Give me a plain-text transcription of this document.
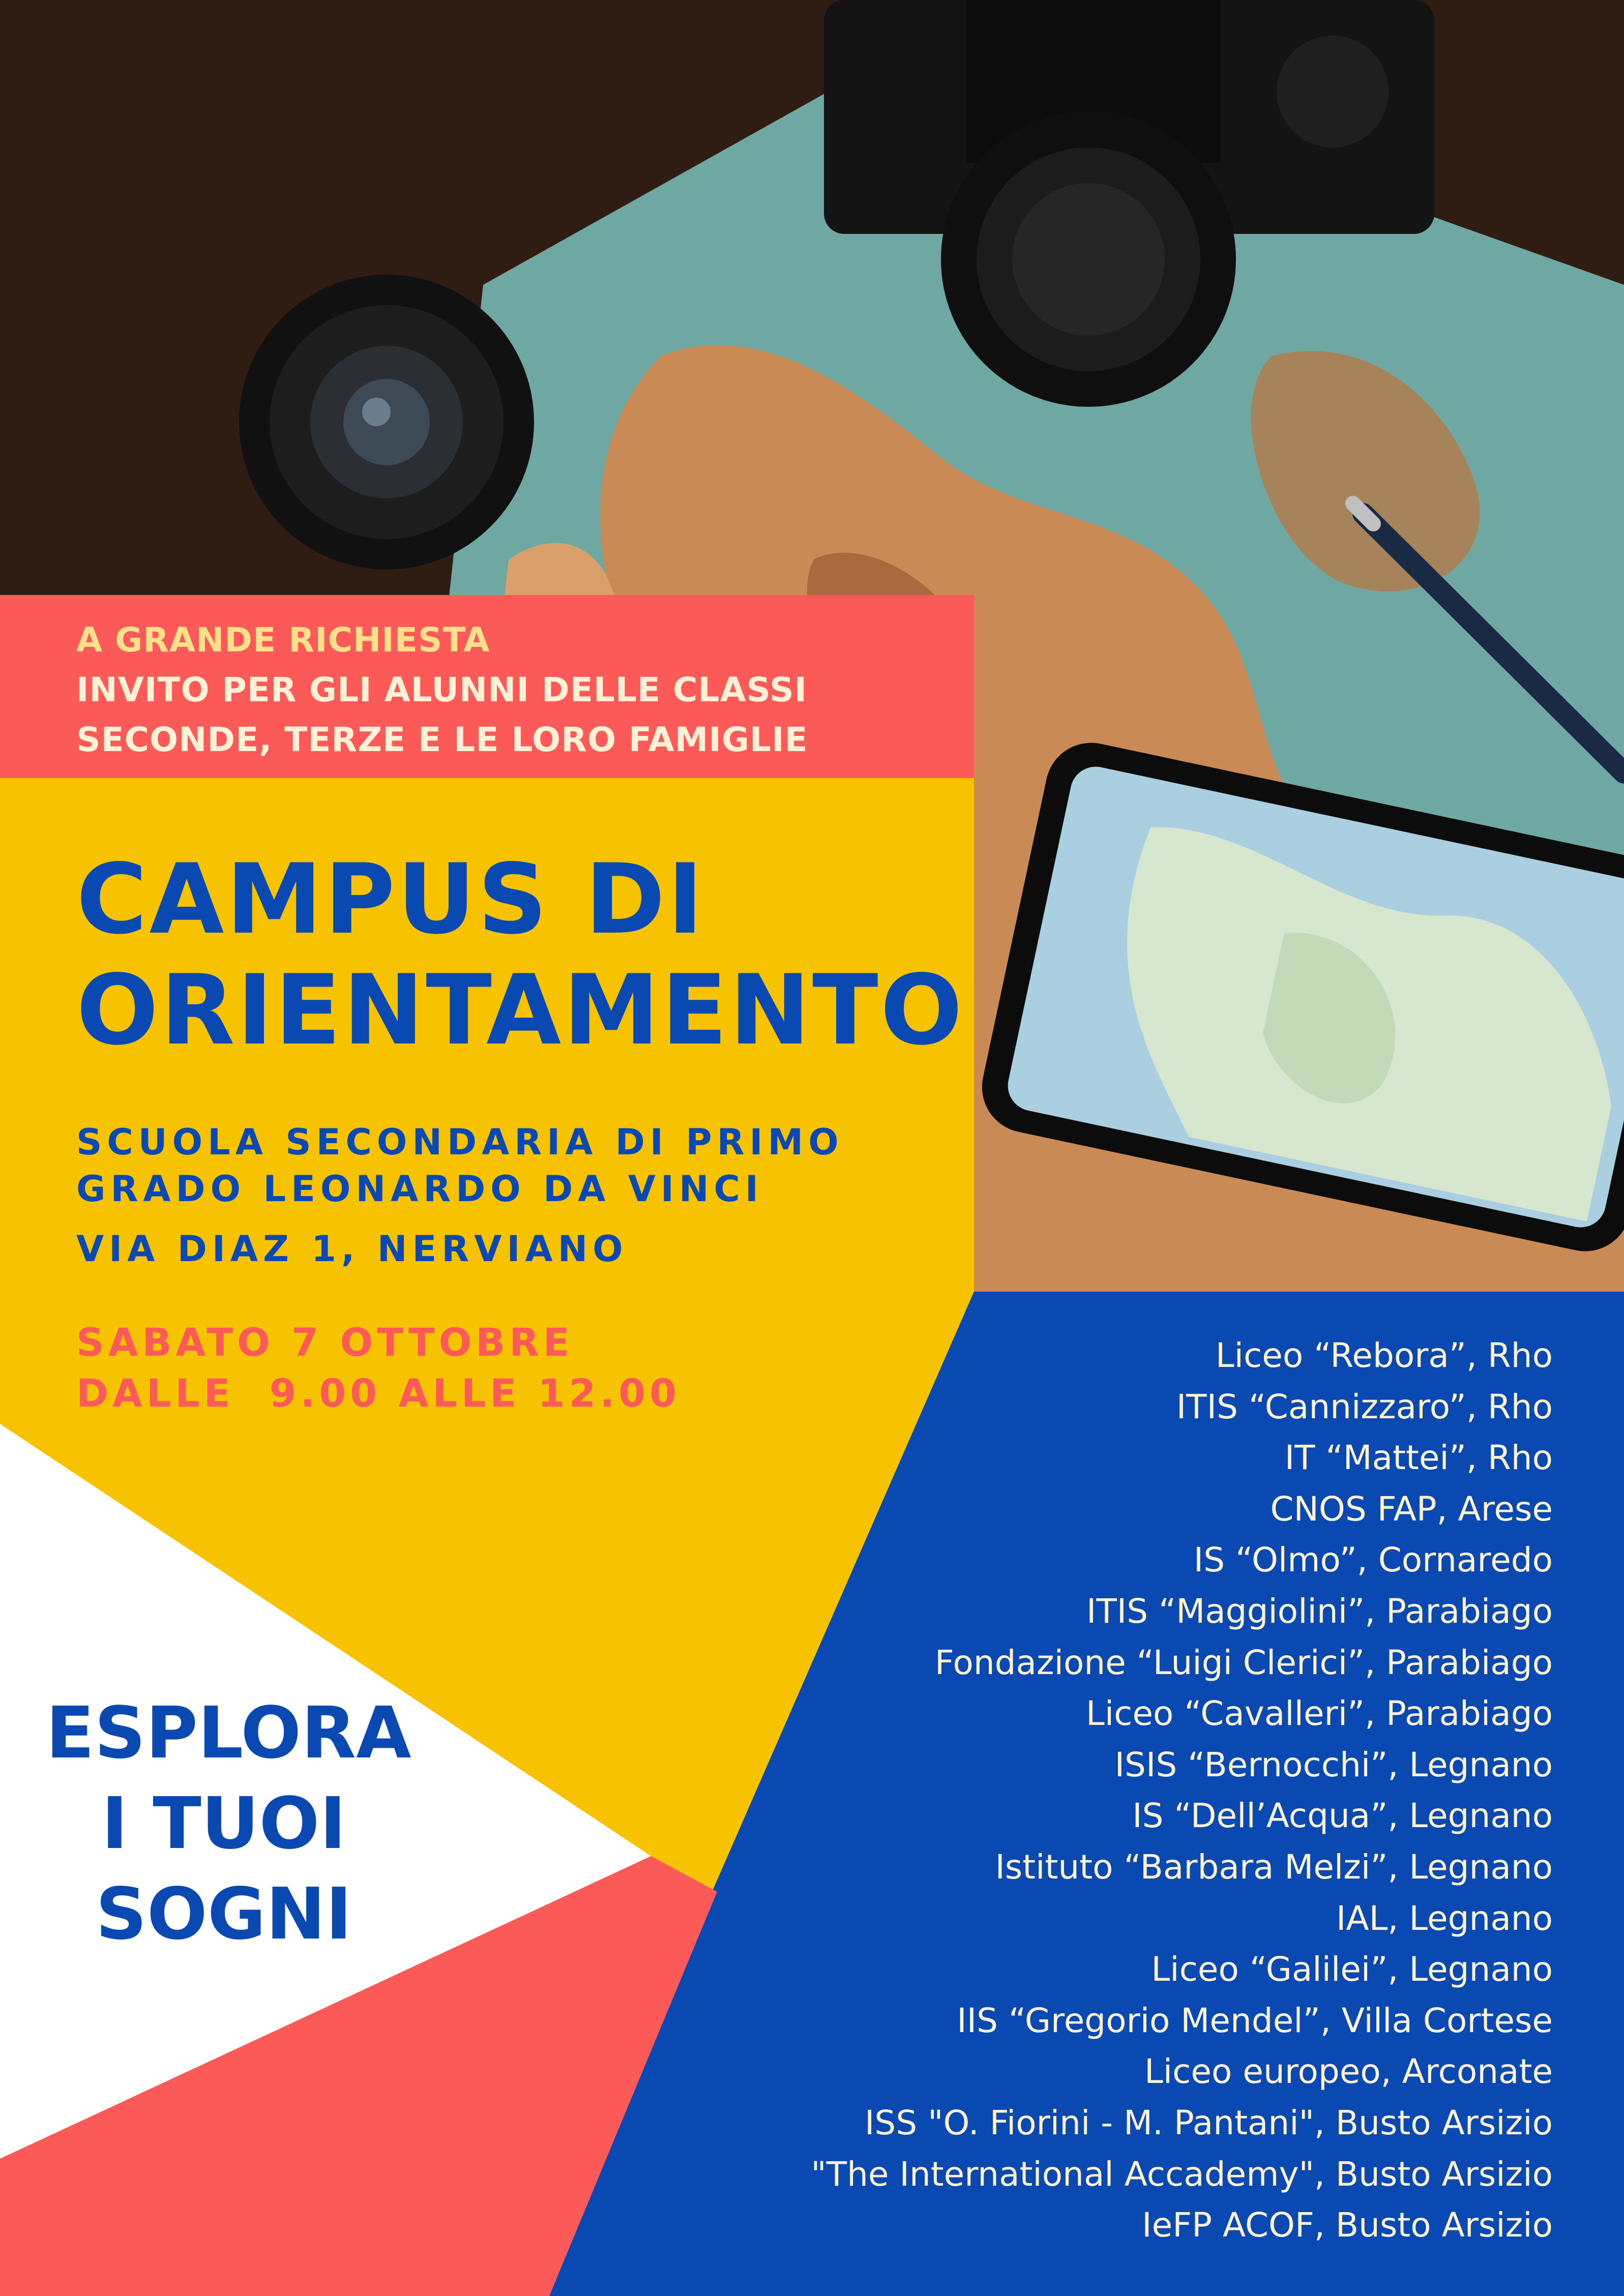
A GRANDE RICHIESTA
INVITO PER GLI ALUNNI DELLE CLASSI
SECONDE, TERZE E LE LORO FAMIGLIE
CAMPUS DI
ORIENTAMENTO
SCUOLA SECONDARIA DI PRIMO
GRADO LEONARDO DA VINCI
VIA DIAZ 1, NERVIANO
SABATO 7 OTTOBRE
DALLE  9.00 ALLE 12.00
ESPLORA
I TUOI
SOGNI
Liceo “Rebora”, Rho
ITIS “Cannizzaro”, Rho
IT “Mattei”, Rho
CNOS FAP, Arese
IS “Olmo”, Cornaredo
ITIS “Maggiolini”, Parabiago
Fondazione “Luigi Clerici”, Parabiago
Liceo “Cavalleri”, Parabiago
ISIS “Bernocchi”, Legnano
IS “Dell’Acqua”, Legnano
Istituto “Barbara Melzi”, Legnano
IAL, Legnano
Liceo “Galilei”, Legnano
IIS “Gregorio Mendel”, Villa Cortese
Liceo europeo, Arconate
ISS "O. Fiorini - M. Pantani", Busto Arsizio
"The International Accademy", Busto Arsizio
IeFP ACOF, Busto Arsizio
